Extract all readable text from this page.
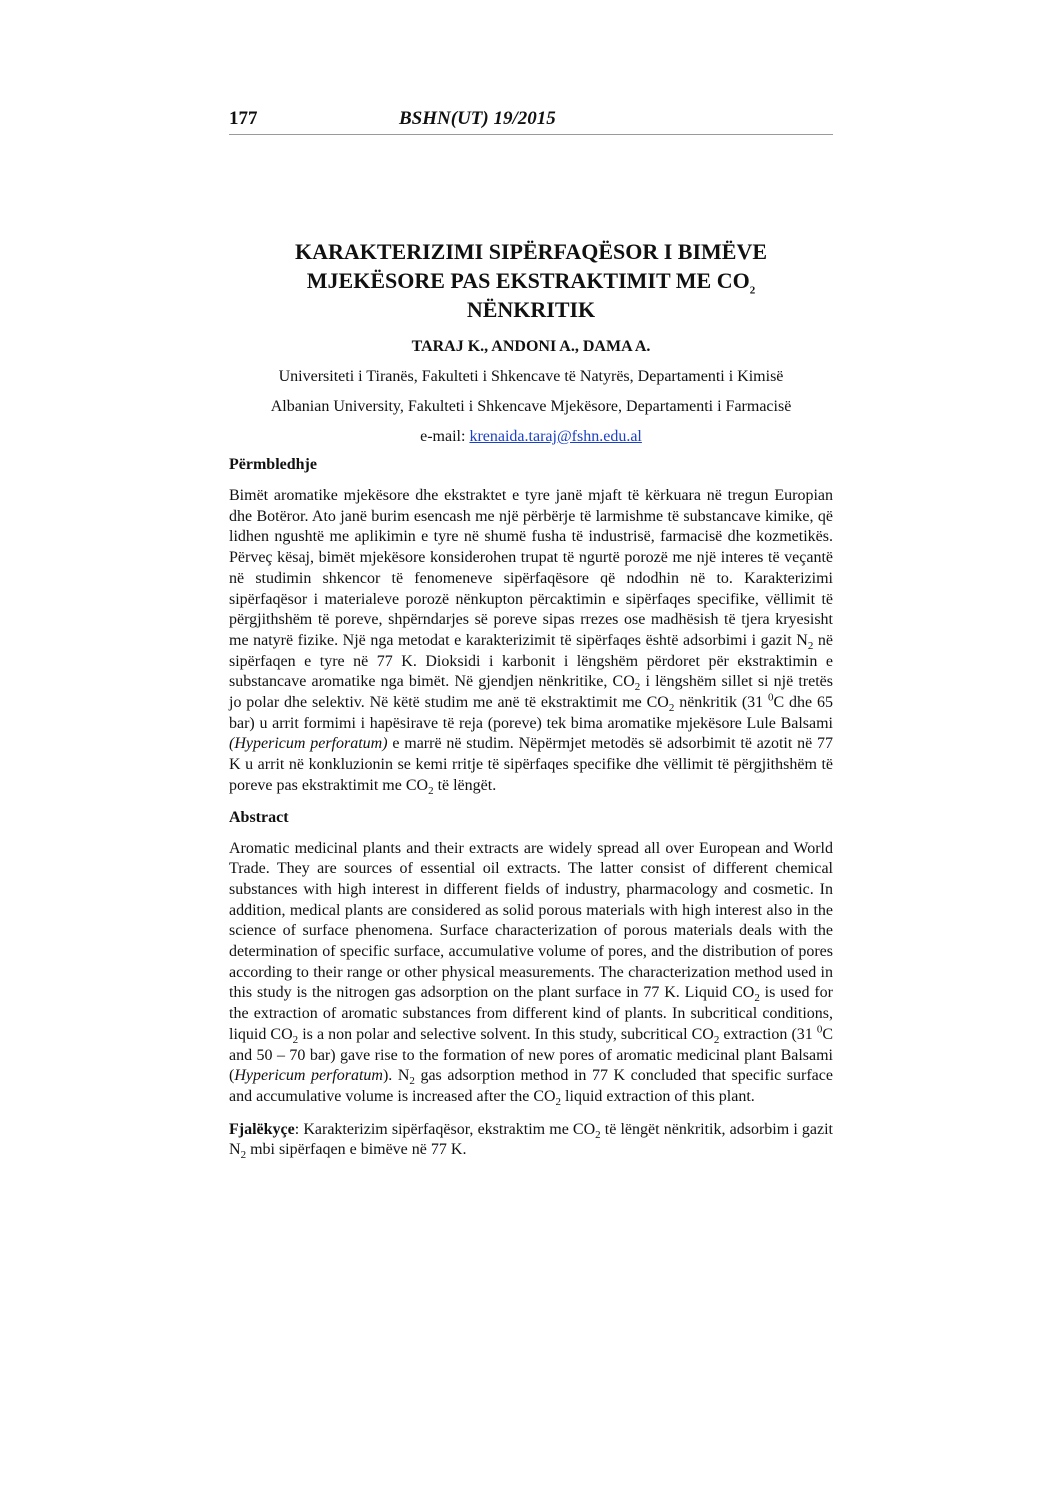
177	BSHN(UT) 19/2015
KARAKTERIZIMI SIPËRFAQËSOR I BIMËVE
MJEKËSORE PAS EKSTRAKTIMIT ME $CO_2$
NËNKRITIK
TARAJ K., ANDONI A., DAMA A.
Universiteti i Tiranës, Fakulteti i Shkencave të Natyrës, Departamenti i Kimisë
Albanian University, Fakulteti i Shkencave Mjekësore, Departamenti i Farmacisë
e-mail: krenaida.taraj@fshn.edu.al
Përmbledhje
Bimët aromatike mjekësore dhe ekstraktet e tyre janë mjaft të kërkuara në tregun Europian dhe Botëror. Ato janë burim esencash me një përbërje të larmishme të substancave kimike, që lidhen ngushtë me aplikimin e tyre në shumë fusha të industrisë, farmacisë dhe kozmetikës. Përveç kësaj, bimët mjekësore konsiderohen trupat të ngurtë porozë me një interes të veçantë në studimin shkencor të fenomeneve sipërfaqësore që ndodhin në to. Karakterizimi sipërfaqësor i materialeve porozë nënkupton përcaktimin e sipërfaqes specifike, vëllimit të përgjithshëm të poreve, shpërndarjes së poreve sipas rrezes ose madhësish të tjera kryesisht me natyrë fizike. Një nga metodat e karakterizimit të sipërfaqes është adsorbimi i gazit $N_2$ në sipërfaqen e tyre në 77 K. Dioksidi i karbonit i lëngshëm përdoret për ekstraktimin e substancave aromatike nga bimët. Në gjendjen nënkritike, $CO_2$ i lëngshëm sillet si një tretës jo polar dhe selektiv. Në këtë studim me anë të ekstraktimit me $CO_2$ nënkritik (31 $^0$C dhe 65 bar) u arrit formimi i hapësirave të reja (poreve) tek bima aromatike mjekësore Lule Balsami (Hypericum perforatum) e marrë në studim. Nëpërmjet metodës së adsorbimit të azotit në 77 K u arrit në konkluzionin se kemi rritje të sipërfaqes specifike dhe vëllimit të përgjithshëm të poreve pas ekstraktimit me $CO_2$ të lëngët.
Abstract
Aromatic medicinal plants and their extracts are widely spread all over European and World Trade. They are sources of essential oil extracts. The latter consist of different chemical substances with high interest in different fields of industry, pharmacology and cosmetic. In addition, medical plants are considered as solid porous materials with high interest also in the science of surface phenomena. Surface characterization of porous materials deals with the determination of specific surface, accumulative volume of pores, and the distribution of pores according to their range or other physical measurements. The characterization method used in this study is the nitrogen gas adsorption on the plant surface in 77 K. Liquid $CO_2$ is used for the extraction of aromatic substances from different kind of plants. In subcritical conditions, liquid $CO_2$ is a non polar and selective solvent. In this study, subcritical $CO_2$ extraction (31 $^0$C and 50 – 70 bar) gave rise to the formation of new pores of aromatic medicinal plant Balsami (Hypericum perforatum). $N_2$ gas adsorption method in 77 K concluded that specific surface and accumulative volume is increased after the $CO_2$ liquid extraction of this plant.
Fjalëkyçe: Karakterizim sipërfaqësor, ekstraktim me $CO_2$ të lëngët nënkritik, adsorbim i gazit $N_2$ mbi sipërfaqen e bimëve në 77 K.
